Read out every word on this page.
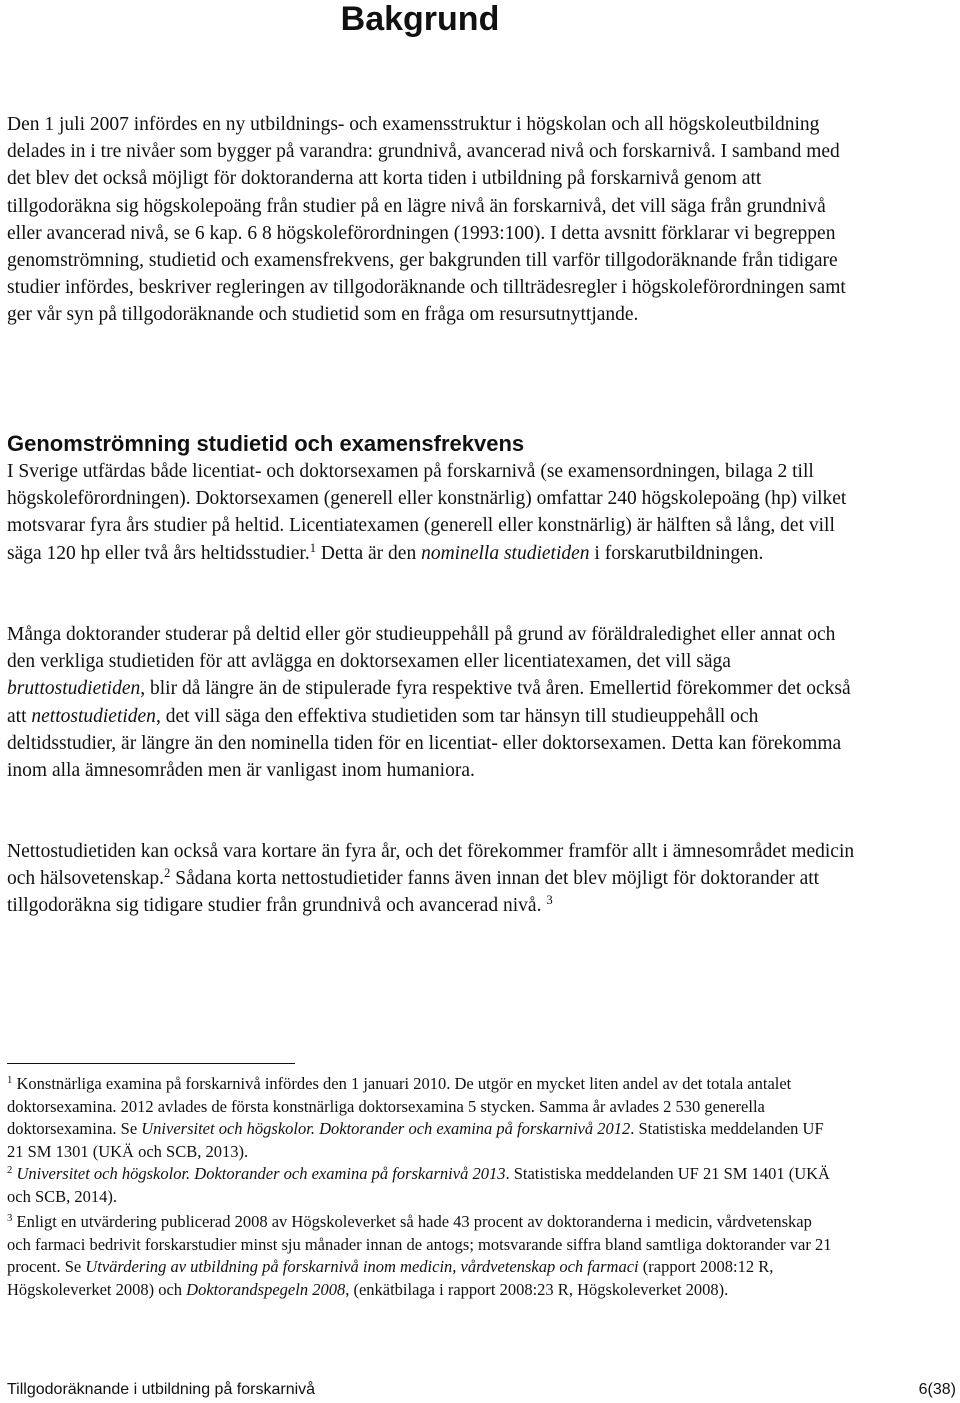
Bakgrund

Den 1 juli 2007 infördes en ny utbildnings- och examensstruktur i högskolan och all högskoleutbildning delades in i tre nivåer som bygger på varandra: grundnivå, avancerad nivå och forskarnivå. I samband med det blev det också möjligt för doktoranderna att korta tiden i utbildning på forskarnivå genom att tillgodoräkna sig högskolepoäng från studier på en lägre nivå än forskarnivå, det vill säga från grundnivå eller avancerad nivå, se 6 kap. 6 8 högskoleförordningen (1993:100). I detta avsnitt förklarar vi begreppen genomströmning, studietid och examensfrekvens, ger bakgrunden till varför tillgodoräknande från tidigare studier infördes, beskriver regleringen av tillgodoräknande och tillträdesregler i högskoleförordningen samt ger vår syn på tillgodoräknande och studietid som en fråga om resursutnyttjande.

Genomströmning studietid och examensfrekvens

I Sverige utfärdas både licentiat- och doktorsexamen på forskarnivå (se examensordningen, bilaga 2 till högskoleförordningen). Doktorsexamen (generell eller konstnärlig) omfattar 240 högskolepoäng (hp) vilket motsvarar fyra års studier på heltid. Licentiatexamen (generell eller konstnärlig) är hälften så lång, det vill säga 120 hp eller två års heltidsstudier.$^1$ Detta är den nominella studietiden i forskarutbildningen.

Många doktorander studerar på deltid eller gör studieuppehåll på grund av föräldraledighet eller annat och den verkliga studietiden för att avlägga en doktorsexamen eller licentiatexamen, det vill säga bruttostudietiden, blir då längre än de stipulerade fyra respektive två åren. Emellertid förekommer det också att nettostudietiden, det vill säga den effektiva studietiden som tar hänsyn till studieuppehåll och deltidsstudier, är längre än den nominella tiden för en licentiat- eller doktorsexamen. Detta kan förekomma inom alla ämnesområden men är vanligast inom humaniora.

Nettostudietiden kan också vara kortare än fyra år, och det förekommer framför allt i ämnesområdet medicin och hälsovetenskap.$^2$ Sådana korta nettostudietider fanns även innan det blev möjligt för doktorander att tillgodoräkna sig tidigare studier från grundnivå och avancerad nivå. $^3$

$^1$ Konstnärliga examina på forskarnivå infördes den 1 januari 2010. De utgör en mycket liten andel av det totala antalet doktorsexamina. 2012 avlades de första konstnärliga doktorsexamina 5 stycken. Samma år avlades 2 530 generella doktorsexamina. Se Universitet och högskolor. Doktorander och examina på forskarnivå 2012. Statistiska meddelanden UF 21 SM 1301 (UKÄ och SCB, 2013).

$^2$ Universitet och högskolor. Doktorander och examina på forskarnivå 2013. Statistiska meddelanden UF 21 SM 1401 (UKÄ och SCB, 2014).

$^3$ Enligt en utvärdering publicerad 2008 av Högskoleverket så hade 43 procent av doktoranderna i medicin, vårdvetenskap och farmaci bedrivit forskarstudier minst sju månader innan de antogs; motsvarande siffra bland samtliga doktorander var 21 procent. Se Utvärdering av utbildning på forskarnivå inom medicin, vårdvetenskap och farmaci (rapport 2008:12 R, Högskoleverket 2008) och Doktorandspegeln 2008, (enkätbilaga i rapport 2008:23 R, Högskoleverket 2008).

Tillgodoräknande i utbildning på forskarnivå	6(38)
